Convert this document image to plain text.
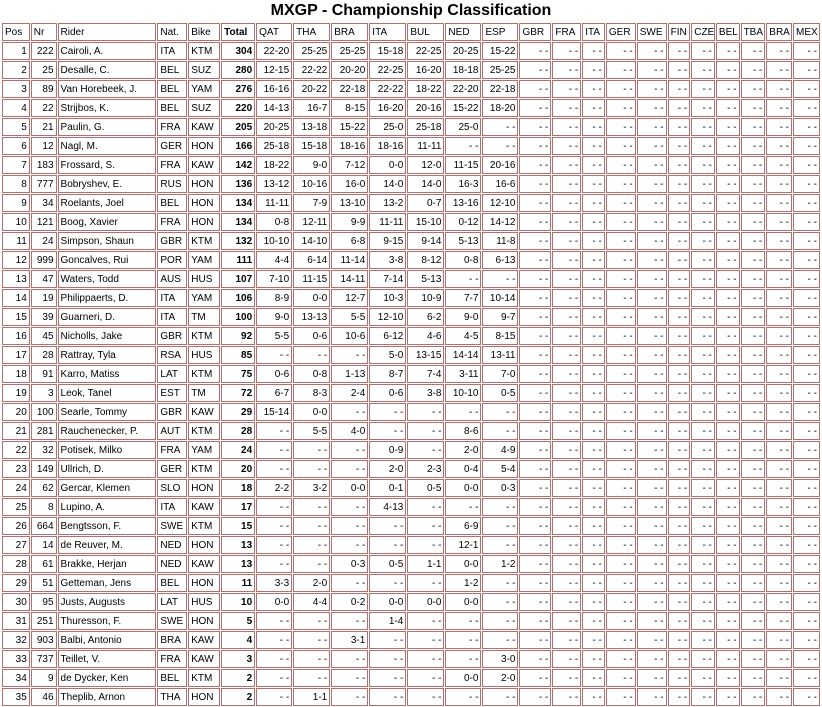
MXGP - Championship Classification
Pos	Nr	Rider	Nat.	Bike	Total	QAT	THA	BRA	ITA	BUL	NED	ESP	GBR	FRA	ITA	GER	SWE	FIN	CZE	BEL	TBA	BRA	MEX
1	222	Cairoli, A.	ITA	KTM	304	22-20	25-25	25-25	15-18	22-25	20-25	15-22	- -	- -	- -	- -	- -	- -	- -	- -	- -	- -	- -
2	25	Desalle, C.	BEL	SUZ	280	12-15	22-22	20-20	22-25	16-20	18-18	25-25	- -	- -	- -	- -	- -	- -	- -	- -	- -	- -	- -
3	89	Van Horebeek, J.	BEL	YAM	276	16-16	20-22	22-18	22-22	18-22	22-20	22-18	- -	- -	- -	- -	- -	- -	- -	- -	- -	- -	- -
4	22	Strijbos, K.	BEL	SUZ	220	14-13	16-7	8-15	16-20	20-16	15-22	18-20	- -	- -	- -	- -	- -	- -	- -	- -	- -	- -	- -
5	21	Paulin, G.	FRA	KAW	205	20-25	13-18	15-22	25-0	25-18	25-0	- -	- -	- -	- -	- -	- -	- -	- -	- -	- -	- -	- -
6	12	Nagl, M.	GER	HON	166	25-18	15-18	18-16	18-16	11-11	- -	- -	- -	- -	- -	- -	- -	- -	- -	- -	- -	- -	- -
7	183	Frossard, S.	FRA	KAW	142	18-22	9-0	7-12	0-0	12-0	11-15	20-16	- -	- -	- -	- -	- -	- -	- -	- -	- -	- -	- -
8	777	Bobryshev, E.	RUS	HON	136	13-12	10-16	16-0	14-0	14-0	16-3	16-6	- -	- -	- -	- -	- -	- -	- -	- -	- -	- -	- -
9	34	Roelants, Joel	BEL	HON	134	11-11	7-9	13-10	13-2	0-7	13-16	12-10	- -	- -	- -	- -	- -	- -	- -	- -	- -	- -	- -
10	121	Boog, Xavier	FRA	HON	134	0-8	12-11	9-9	11-11	15-10	0-12	14-12	- -	- -	- -	- -	- -	- -	- -	- -	- -	- -	- -
11	24	Simpson, Shaun	GBR	KTM	132	10-10	14-10	6-8	9-15	9-14	5-13	11-8	- -	- -	- -	- -	- -	- -	- -	- -	- -	- -	- -
12	999	Goncalves, Rui	POR	YAM	111	4-4	6-14	11-14	3-8	8-12	0-8	6-13	- -	- -	- -	- -	- -	- -	- -	- -	- -	- -	- -
13	47	Waters, Todd	AUS	HUS	107	7-10	11-15	14-11	7-14	5-13	- -	- -	- -	- -	- -	- -	- -	- -	- -	- -	- -	- -	- -
14	19	Philippaerts, D.	ITA	YAM	106	8-9	0-0	12-7	10-3	10-9	7-7	10-14	- -	- -	- -	- -	- -	- -	- -	- -	- -	- -	- -
15	39	Guarneri, D.	ITA	TM	100	9-0	13-13	5-5	12-10	6-2	9-0	9-7	- -	- -	- -	- -	- -	- -	- -	- -	- -	- -	- -
16	45	Nicholls, Jake	GBR	KTM	92	5-5	0-6	10-6	6-12	4-6	4-5	8-15	- -	- -	- -	- -	- -	- -	- -	- -	- -	- -	- -
17	28	Rattray, Tyla	RSA	HUS	85	- -	- -	- -	5-0	13-15	14-14	13-11	- -	- -	- -	- -	- -	- -	- -	- -	- -	- -	- -
18	91	Karro, Matiss	LAT	KTM	75	0-6	0-8	1-13	8-7	7-4	3-11	7-0	- -	- -	- -	- -	- -	- -	- -	- -	- -	- -	- -
19	3	Leok, Tanel	EST	TM	72	6-7	8-3	2-4	0-6	3-8	10-10	0-5	- -	- -	- -	- -	- -	- -	- -	- -	- -	- -	- -
20	100	Searle, Tommy	GBR	KAW	29	15-14	0-0	- -	- -	- -	- -	- -	- -	- -	- -	- -	- -	- -	- -	- -	- -	- -	- -
21	281	Rauchenecker, P.	AUT	KTM	28	- -	5-5	4-0	- -	- -	8-6	- -	- -	- -	- -	- -	- -	- -	- -	- -	- -	- -	- -
22	32	Potisek, Milko	FRA	YAM	24	- -	- -	- -	0-9	- -	2-0	4-9	- -	- -	- -	- -	- -	- -	- -	- -	- -	- -	- -
23	149	Ullrich, D.	GER	KTM	20	- -	- -	- -	2-0	2-3	0-4	5-4	- -	- -	- -	- -	- -	- -	- -	- -	- -	- -	- -
24	62	Gercar, Klemen	SLO	HON	18	2-2	3-2	0-0	0-1	0-5	0-0	0-3	- -	- -	- -	- -	- -	- -	- -	- -	- -	- -	- -
25	8	Lupino, A.	ITA	KAW	17	- -	- -	- -	4-13	- -	- -	- -	- -	- -	- -	- -	- -	- -	- -	- -	- -	- -	- -
26	664	Bengtsson, F.	SWE	KTM	15	- -	- -	- -	- -	- -	6-9	- -	- -	- -	- -	- -	- -	- -	- -	- -	- -	- -	- -
27	14	de Reuver, M.	NED	HON	13	- -	- -	- -	- -	- -	12-1	- -	- -	- -	- -	- -	- -	- -	- -	- -	- -	- -	- -
28	61	Brakke, Herjan	NED	KAW	13	- -	- -	0-3	0-5	1-1	0-0	1-2	- -	- -	- -	- -	- -	- -	- -	- -	- -	- -	- -
29	51	Getteman, Jens	BEL	HON	11	3-3	2-0	- -	- -	- -	1-2	- -	- -	- -	- -	- -	- -	- -	- -	- -	- -	- -	- -
30	95	Justs, Augusts	LAT	HUS	10	0-0	4-4	0-2	0-0	0-0	0-0	- -	- -	- -	- -	- -	- -	- -	- -	- -	- -	- -	- -
31	251	Thuresson, F.	SWE	HON	5	- -	- -	- -	1-4	- -	- -	- -	- -	- -	- -	- -	- -	- -	- -	- -	- -	- -	- -
32	903	Balbi, Antonio	BRA	KAW	4	- -	- -	3-1	- -	- -	- -	- -	- -	- -	- -	- -	- -	- -	- -	- -	- -	- -	- -
33	737	Teillet, V.	FRA	KAW	3	- -	- -	- -	- -	- -	- -	3-0	- -	- -	- -	- -	- -	- -	- -	- -	- -	- -	- -
34	9	de Dycker, Ken	BEL	KTM	2	- -	- -	- -	- -	- -	0-0	2-0	- -	- -	- -	- -	- -	- -	- -	- -	- -	- -	- -
35	46	Theplib, Arnon	THA	HON	2	- -	1-1	- -	- -	- -	- -	- -	- -	- -	- -	- -	- -	- -	- -	- -	- -	- -	- -
